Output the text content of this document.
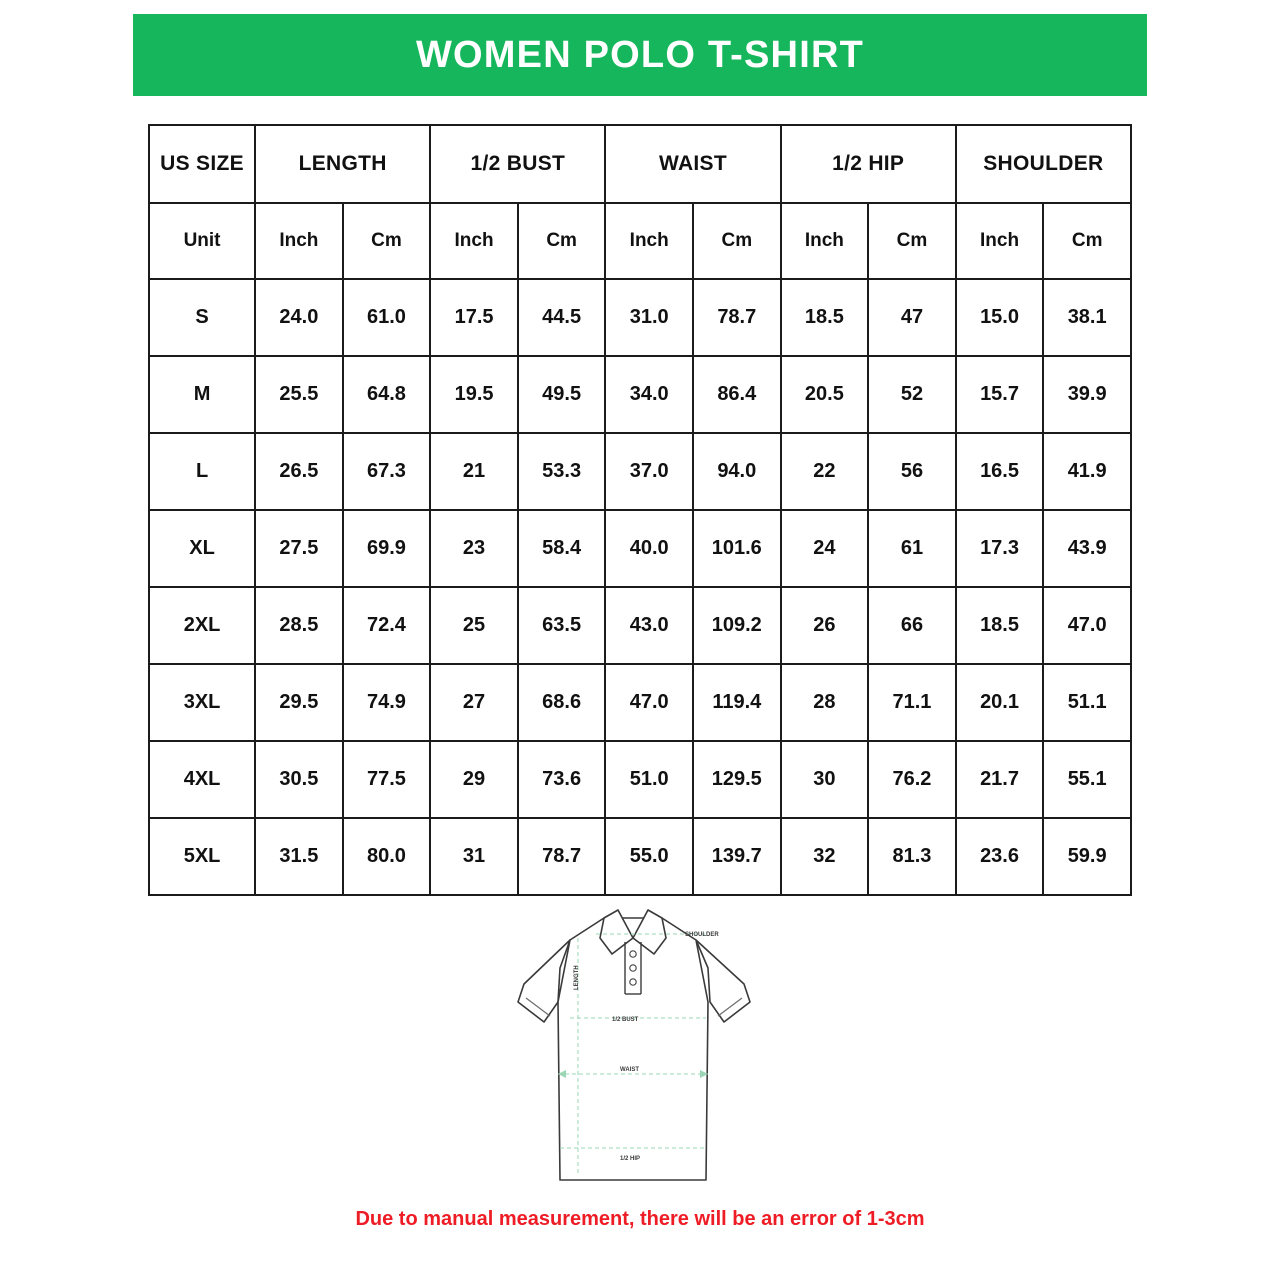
WOMEN POLO T-SHIRT
US SIZE	LENGTH		1/2 BUST		WAIST		1/2 HIP		SHOULDER	
Unit	Inch	Cm	Inch	Cm	Inch	Cm	Inch	Cm	Inch	Cm
S	24.0	61.0	17.5	44.5	31.0	78.7	18.5	47	15.0	38.1
M	25.5	64.8	19.5	49.5	34.0	86.4	20.5	52	15.7	39.9
L	26.5	67.3	21	53.3	37.0	94.0	22	56	16.5	41.9
XL	27.5	69.9	23	58.4	40.0	101.6	24	61	17.3	43.9
2XL	28.5	72.4	25	63.5	43.0	109.2	26	66	18.5	47.0
3XL	29.5	74.9	27	68.6	47.0	119.4	28	71.1	20.1	51.1
4XL	30.5	77.5	29	73.6	51.0	129.5	30	76.2	21.7	55.1
5XL	31.5	80.0	31	78.7	55.0	139.7	32	81.3	23.6	59.9
SHOULDER
1/2 BUST
WAIST
1/2 HIP
LENGTH
Due to manual measurement, there will be an error of 1-3cm
